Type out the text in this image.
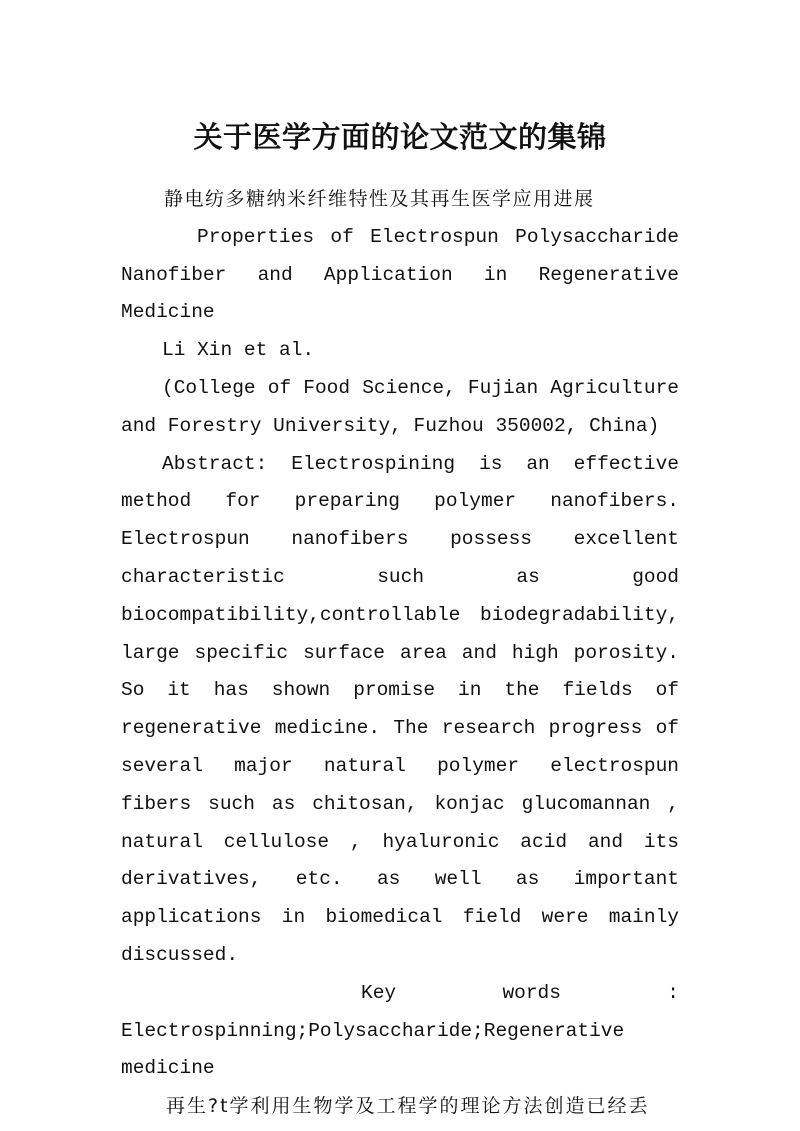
关于医学方面的论文范文的集锦

静电纺多糖纳米纤维特性及其再生医学应用进展

Properties of Electrospun Polysaccharide Nanofiber and Application in Regenerative Medicine

Li Xin et al.

(College of Food Science, Fujian Agriculture and Forestry University, Fuzhou 350002, China)

Abstract: Electrospining is an effective method for preparing polymer nanofibers. Electrospun nanofibers possess excellent characteristic such as good biocompatibility,controllable biodegradability, large specific surface area and high porosity. So it has shown promise in the fields of regenerative medicine. The research progress of several major natural polymer electrospun fibers such as chitosan, konjac glucomannan , natural cellulose , hyaluronic acid and its derivatives, etc. as well as important applications in biomedical field were mainly discussed.

Key	words	:

Electrospinning;Polysaccharide;Regenerative medicine

再生?t学利用生物学及工程学的理论方法创造已经丢
